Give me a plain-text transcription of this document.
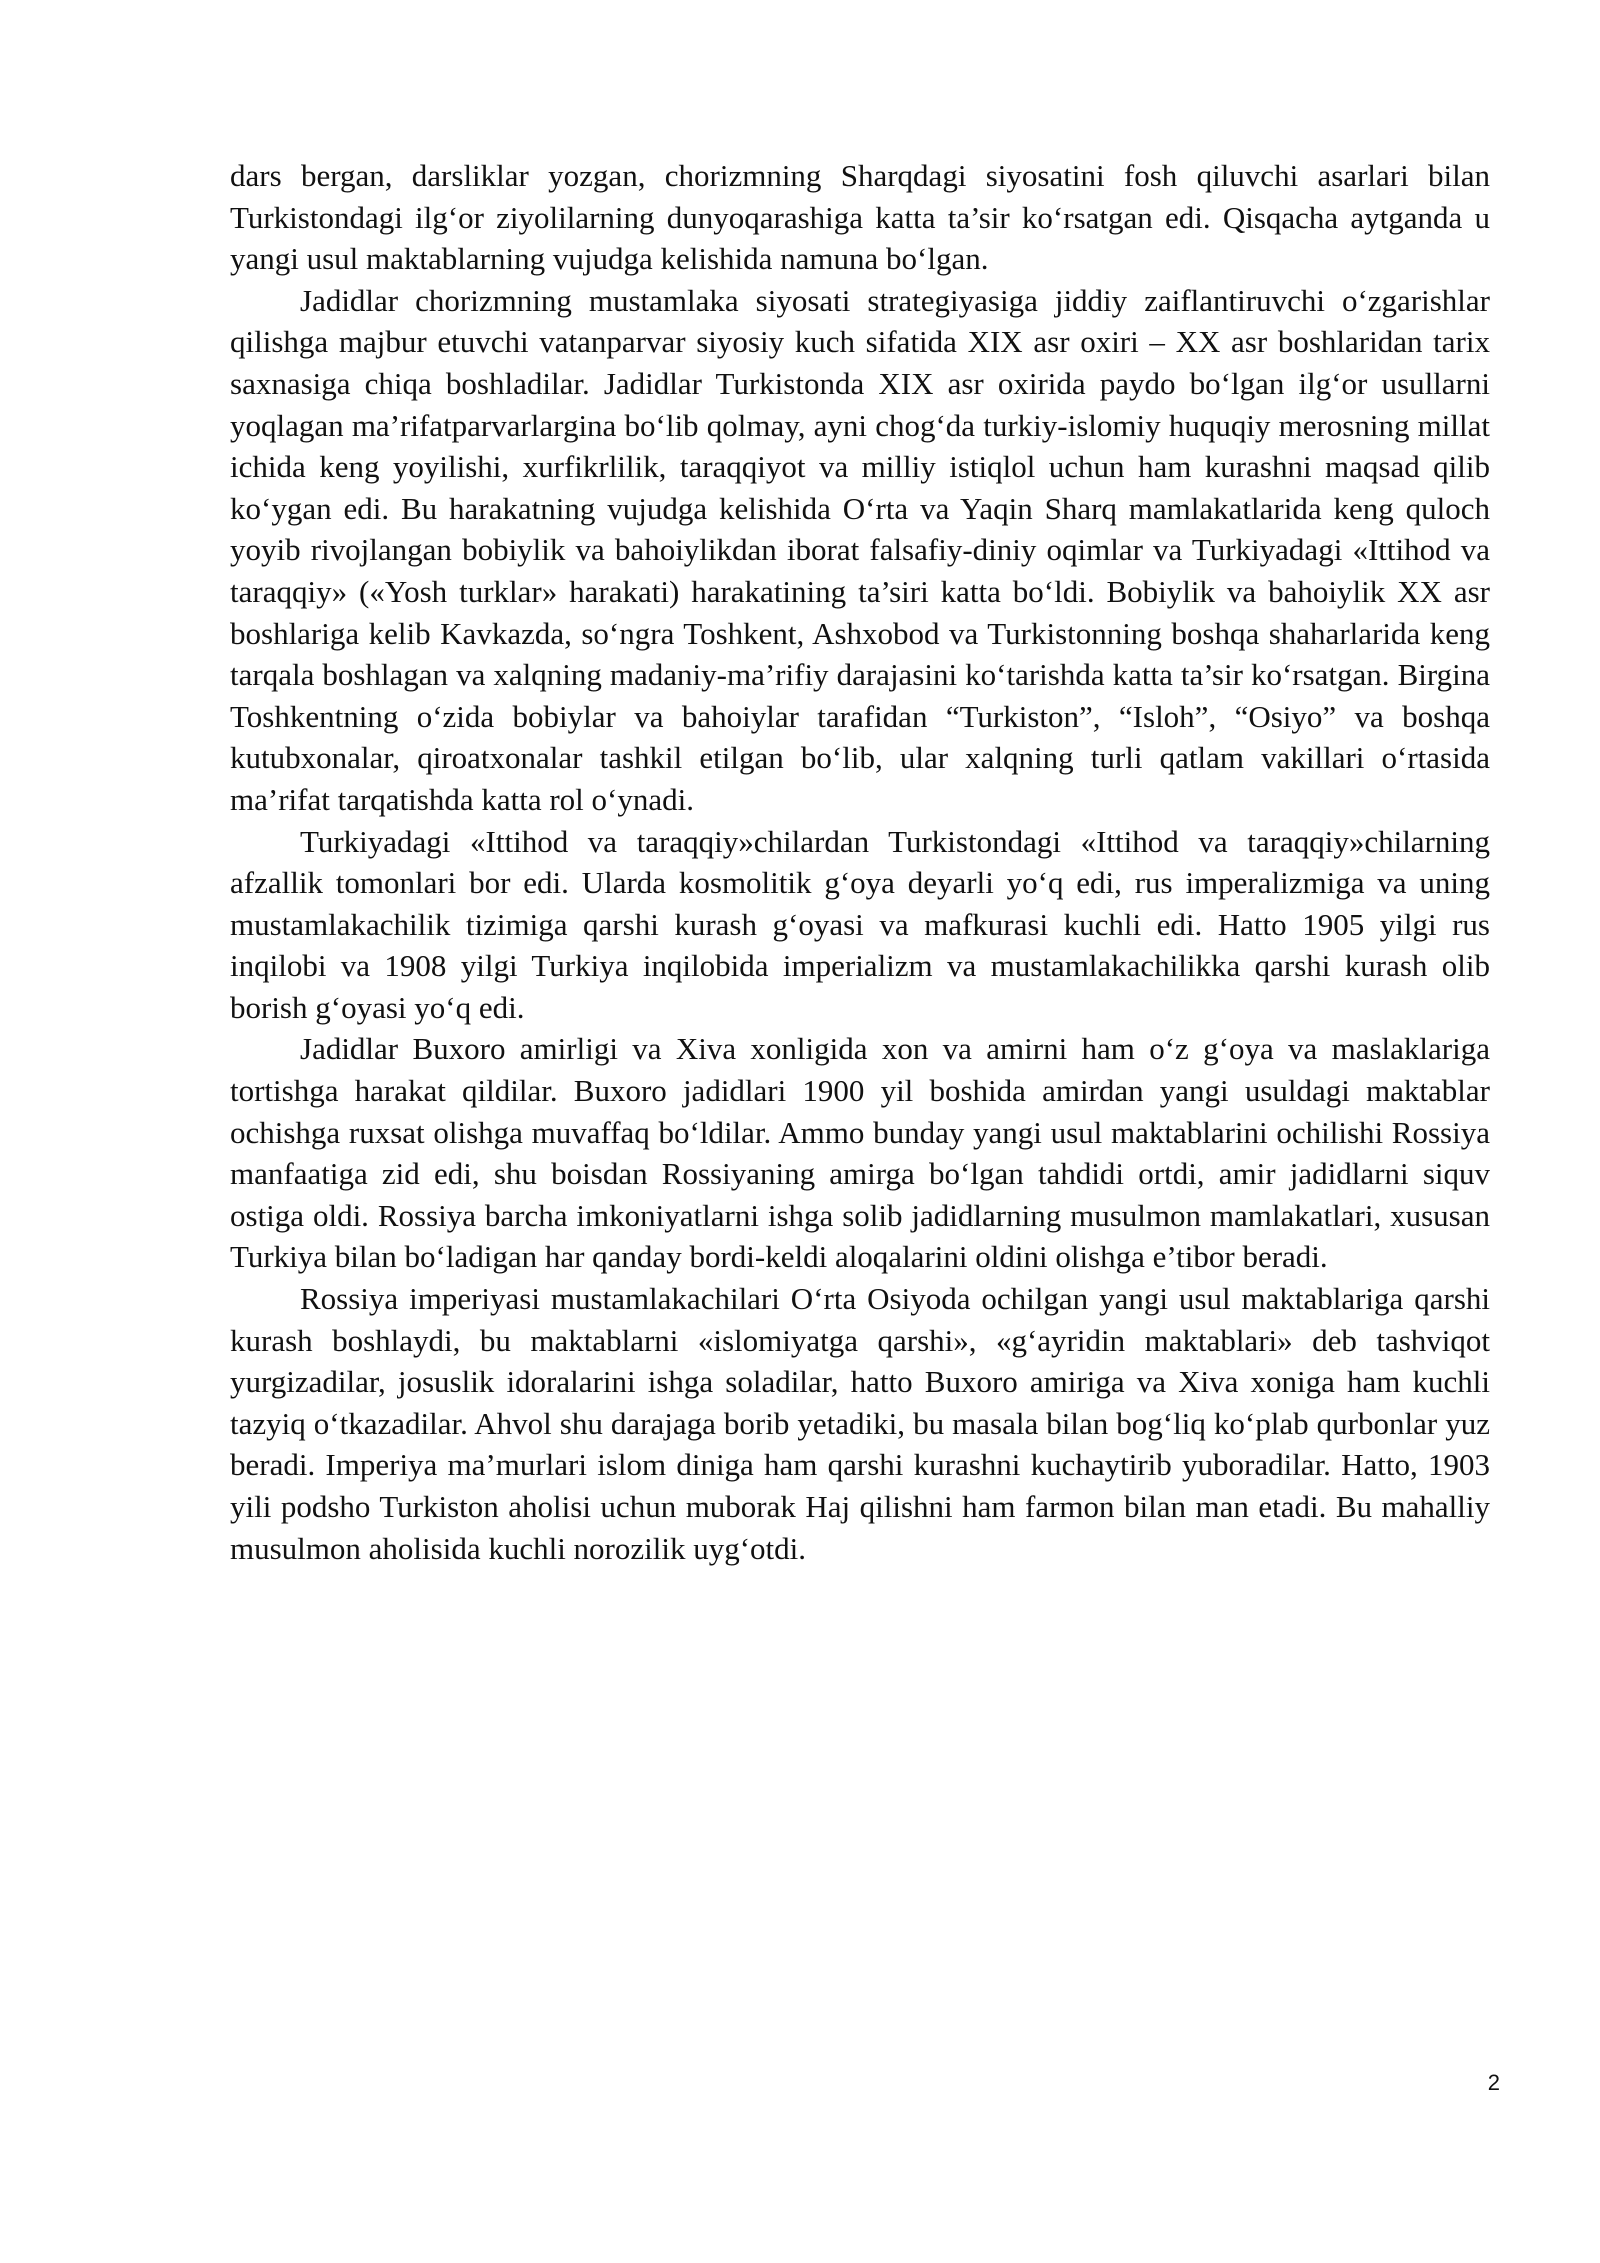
dars bergan, darsliklar yozgan, chorizmning Sharqdagi siyosatini fosh qiluvchi asarlari bilan Turkistondagi ilg‘or ziyolilarning dunyoqarashiga katta ta’sir ko‘rsatgan edi. Qisqacha aytganda u yangi usul maktablarning vujudga kelishida namuna bo‘lgan.

Jadidlar chorizmning mustamlaka siyosati strategiyasiga jiddiy zaiflantiruvchi o‘zgarishlar qilishga majbur etuvchi vatanparvar siyosiy kuch sifatida XIX asr oxiri – XX asr boshlaridan tarix saxnasiga chiqa boshladilar. Jadidlar Turkistonda XIX asr oxirida paydo bo‘lgan ilg‘or usullarni yoqlagan ma’rifatparvarlargina bo‘lib qolmay, ayni chog‘da turkiy-islomiy huquqiy merosning millat ichida keng yoyilishi, xurfikrlilik, taraqqiyot va milliy istiqlol uchun ham kurashni maqsad qilib ko‘ygan edi. Bu harakatning vujudga kelishida O‘rta va Yaqin Sharq mamlakatlarida keng quloch yoyib rivojlangan bobiylik va bahoiylikdan iborat falsafiy-diniy oqimlar va Turkiyadagi «Ittihod va taraqqiy» («Yosh turklar» harakati) harakatining ta’siri katta bo‘ldi. Bobiylik va bahoiylik XX asr boshlariga kelib Kavkazda, so‘ngra Toshkent, Ashxobod va Turkistonning boshqa shaharlarida keng tarqala boshlagan va xalqning madaniy-ma’rifiy darajasini ko‘tarishda katta ta’sir ko‘rsatgan. Birgina Toshkentning o‘zida bobiylar va bahoiylar tarafidan “Turkiston”, “Isloh”, “Osiyo” va boshqa kutubxonalar, qiroatxonalar tashkil etilgan bo‘lib, ular xalqning turli qatlam vakillari o‘rtasida ma’rifat tarqatishda katta rol o‘ynadi.

Turkiyadagi «Ittihod va taraqqiy»chilardan Turkistondagi «Ittihod va taraqqiy»chilarning afzallik tomonlari bor edi. Ularda kosmolitik g‘oya deyarli yo‘q edi, rus imperalizmiga va uning mustamlakachilik tizimiga qarshi kurash g‘oyasi va mafkurasi kuchli edi. Hatto 1905 yilgi rus inqilobi va 1908 yilgi Turkiya inqilobida imperializm va mustamlakachilikka qarshi kurash olib borish g‘oyasi yo‘q edi.

Jadidlar Buxoro amirligi va Xiva xonligida xon va amirni ham o‘z g‘oya va maslaklariga tortishga harakat qildilar. Buxoro jadidlari 1900 yil boshida amirdan yangi usuldagi maktablar ochishga ruxsat olishga muvaffaq bo‘ldilar. Ammo bunday yangi usul maktablarini ochilishi Rossiya manfaatiga zid edi, shu boisdan Rossiyaning amirga bo‘lgan tahdidi ortdi, amir jadidlarni siquv ostiga oldi. Rossiya barcha imkoniyatlarni ishga solib jadidlarning musulmon mamlakatlari, xususan Turkiya bilan bo‘ladigan har qanday bordi-keldi aloqalarini oldini olishga e’tibor beradi.

Rossiya imperiyasi mustamlakachilari O‘rta Osiyoda ochilgan yangi usul maktablariga qarshi kurash boshlaydi, bu maktablarni «islomiyatga qarshi», «g‘ayridin maktablari» deb tashviqot yurgizadilar, josuslik idoralarini ishga soladilar, hatto Buxoro amiriga va Xiva xoniga ham kuchli tazyiq o‘tkazadilar. Ahvol shu darajaga borib yetadiki, bu masala bilan bog‘liq ko‘plab qurbonlar yuz beradi. Imperiya ma’murlari islom diniga ham qarshi kurashni kuchaytirib yuboradilar. Hatto, 1903 yili podsho Turkiston aholisi uchun muborak Haj qilishni ham farmon bilan man etadi. Bu mahalliy musulmon aholisida kuchli norozilik uyg‘otdi.

2
